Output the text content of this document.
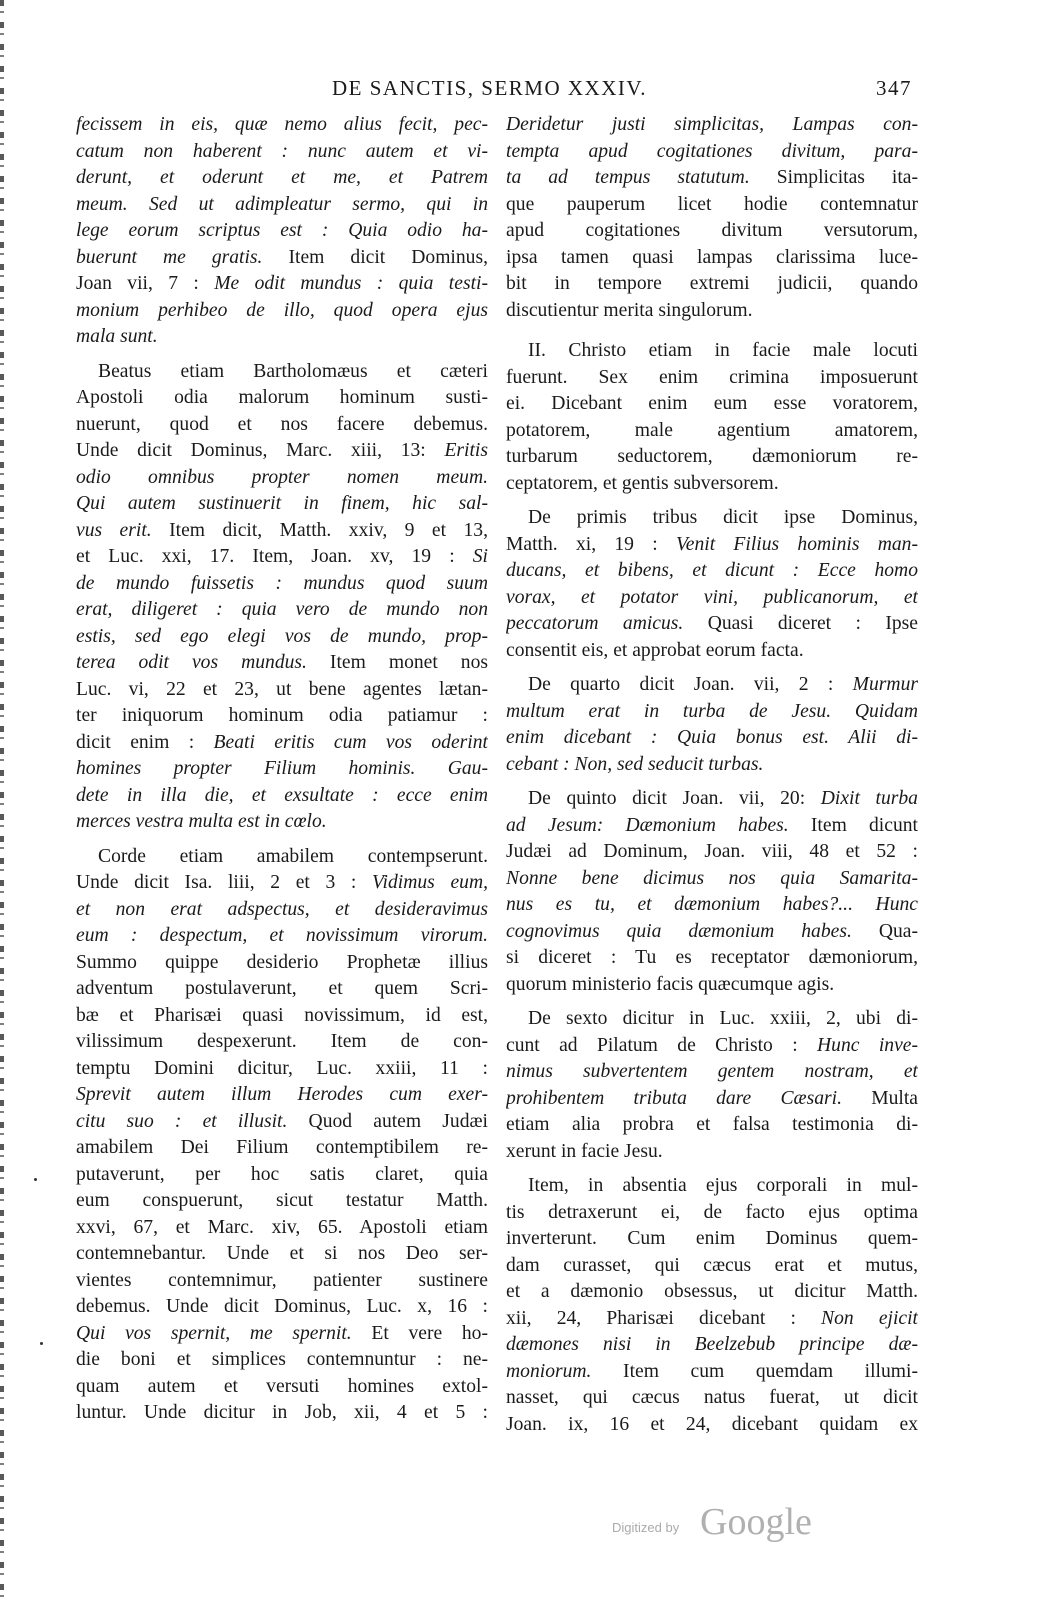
DE SANCTIS, SERMO XXXIV.	347
fecissem in eis, quæ nemo alius fecit, pec-
catum non haberent : nunc autem et vi-
derunt, et oderunt et me, et Patrem
meum. Sed ut adimpleatur sermo, qui in
lege eorum scriptus est : Quia odio ha-
buerunt me gratis. Item dicit Dominus,
Joan vii, 7 : Me odit mundus : quia testi-
monium perhibeo de illo, quod opera ejus
mala sunt.
Beatus etiam Bartholomæus et cæteri
Apostoli odia malorum hominum susti-
nuerunt, quod et nos facere debemus.
Unde dicit Dominus, Marc. xiii, 13: Eritis
odio omnibus propter nomen meum.
Qui autem sustinuerit in finem, hic sal-
vus erit. Item dicit, Matth. xxiv, 9 et 13,
et Luc. xxi, 17. Item, Joan. xv, 19 : Si
de mundo fuissetis : mundus quod suum
erat, diligeret : quia vero de mundo non
estis, sed ego elegi vos de mundo, prop-
terea odit vos mundus. Item monet nos
Luc. vi, 22 et 23, ut bene agentes lætan-
ter iniquorum hominum odia patiamur :
dicit enim : Beati eritis cum vos oderint
homines propter Filium hominis. Gau-
dete in illa die, et exsultate : ecce enim
merces vestra multa est in cœlo.
Corde etiam amabilem contempserunt.
Unde dicit Isa. liii, 2 et 3 : Vidimus eum,
et non erat adspectus, et desideravimus
eum : despectum, et novissimum virorum.
Summo quippe desiderio Prophetæ illius
adventum postulaverunt, et quem Scri-
bæ et Pharisæi quasi novissimum, id est,
vilissimum despexerunt. Item de con-
temptu Domini dicitur, Luc. xxiii, 11 :
Sprevit autem illum Herodes cum exer-
citu suo : et illusit. Quod autem Judæi
amabilem Dei Filium contemptibilem re-
putaverunt, per hoc satis claret, quia
eum conspuerunt, sicut testatur Matth.
xxvi, 67, et Marc. xiv, 65. Apostoli etiam
contemnebantur. Unde et si nos Deo ser-
vientes contemnimur, patienter sustinere
debemus. Unde dicit Dominus, Luc. x, 16 :
Qui vos spernit, me spernit. Et vere ho-
die boni et simplices contemnuntur : ne-
quam autem et versuti homines extol-
luntur. Unde dicitur in Job, xii, 4 et 5 :
Deridetur justi simplicitas, Lampas con-
tempta apud cogitationes divitum, para-
ta ad tempus statutum. Simplicitas ita-
que pauperum licet hodie contemnatur
apud cogitationes divitum versutorum,
ipsa tamen quasi lampas clarissima luce-
bit in tempore extremi judicii, quando
discutientur merita singulorum.
II. Christo etiam in facie male locuti
fuerunt. Sex enim crimina imposuerunt
ei. Dicebant enim eum esse voratorem,
potatorem, male agentium amatorem,
turbarum seductorem, dæmoniorum re-
ceptatorem, et gentis subversorem.
De primis tribus dicit ipse Dominus,
Matth. xi, 19 : Venit Filius hominis man-
ducans, et bibens, et dicunt : Ecce homo
vorax, et potator vini, publicanorum, et
peccatorum amicus. Quasi diceret : Ipse
consentit eis, et approbat eorum facta.
De quarto dicit Joan. vii, 2 : Murmur
multum erat in turba de Jesu. Quidam
enim dicebant : Quia bonus est. Alii di-
cebant : Non, sed seducit turbas.
De quinto dicit Joan. vii, 20: Dixit turba
ad Jesum: Dæmonium habes. Item dicunt
Judæi ad Dominum, Joan. viii, 48 et 52 :
Nonne bene dicimus nos quia Samarita-
nus es tu, et dæmonium habes?... Hunc
cognovimus quia dæmonium habes. Qua-
si diceret : Tu es receptator dæmoniorum,
quorum ministerio facis quæcumque agis.
De sexto dicitur in Luc. xxiii, 2, ubi di-
cunt ad Pilatum de Christo : Hunc inve-
nimus subvertentem gentem nostram, et
prohibentem tributa dare Cæsari. Multa
etiam alia probra et falsa testimonia di-
xerunt in facie Jesu.
Item, in absentia ejus corporali in mul-
tis detraxerunt ei, de facto ejus optima
inverterunt. Cum enim Dominus quem-
dam curasset, qui cæcus erat et mutus,
et a dæmonio obsessus, ut dicitur Matth.
xii, 24, Pharisæi dicebant : Non ejicit
dæmones nisi in Beelzebub principe dæ-
moniorum. Item cum quemdam illumi-
nasset, qui cæcus natus fuerat, ut dicit
Joan. ix, 16 et 24, dicebant quidam ex
Digitized by Google
